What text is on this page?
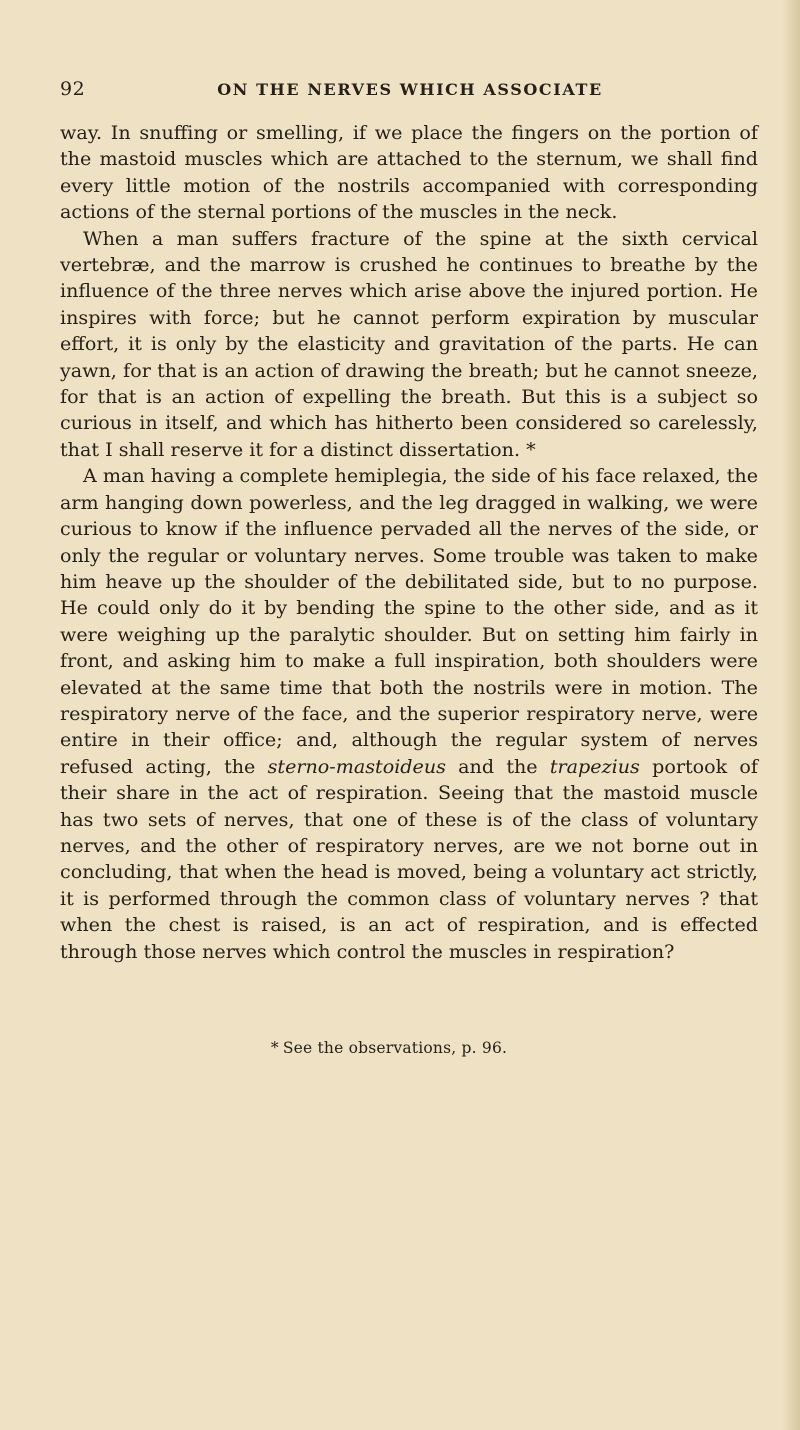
92	ON THE NERVES WHICH ASSOCIATE

way. In snuffing or smelling, if we place the fingers on the portion of the mastoid muscles which are attached to the sternum, we shall find every little motion of the nostrils accompanied with corresponding actions of the sternal portions of the muscles in the neck.

When a man suffers fracture of the spine at the sixth cervical vertebræ, and the marrow is crushed he continues to breathe by the influence of the three nerves which arise above the injured portion. He inspires with force; but he cannot perform expiration by muscular effort, it is only by the elasticity and gravitation of the parts. He can yawn, for that is an action of drawing the breath; but he cannot sneeze, for that is an action of expelling the breath. But this is a subject so curious in itself, and which has hitherto been considered so carelessly, that I shall reserve it for a distinct dissertation. *

A man having a complete hemiplegia, the side of his face relaxed, the arm hanging down powerless, and the leg dragged in walking, we were curious to know if the influence pervaded all the nerves of the side, or only the regular or voluntary nerves. Some trouble was taken to make him heave up the shoulder of the debilitated side, but to no purpose. He could only do it by bending the spine to the other side, and as it were weighing up the paralytic shoulder. But on setting him fairly in front, and asking him to make a full inspiration, both shoulders were elevated at the same time that both the nostrils were in motion. The respiratory nerve of the face, and the superior respiratory nerve, were entire in their office; and, although the regular system of nerves refused acting, the sterno-mastoideus and the trapezius portook of their share in the act of respiration. Seeing that the mastoid muscle has two sets of nerves, that one of these is of the class of voluntary nerves, and the other of respiratory nerves, are we not borne out in concluding, that when the head is moved, being a voluntary act strictly, it is performed through the common class of voluntary nerves ? that when the chest is raised, is an act of respiration, and is effected through those nerves which control the muscles in respiration?

* See the observations, p. 96.
